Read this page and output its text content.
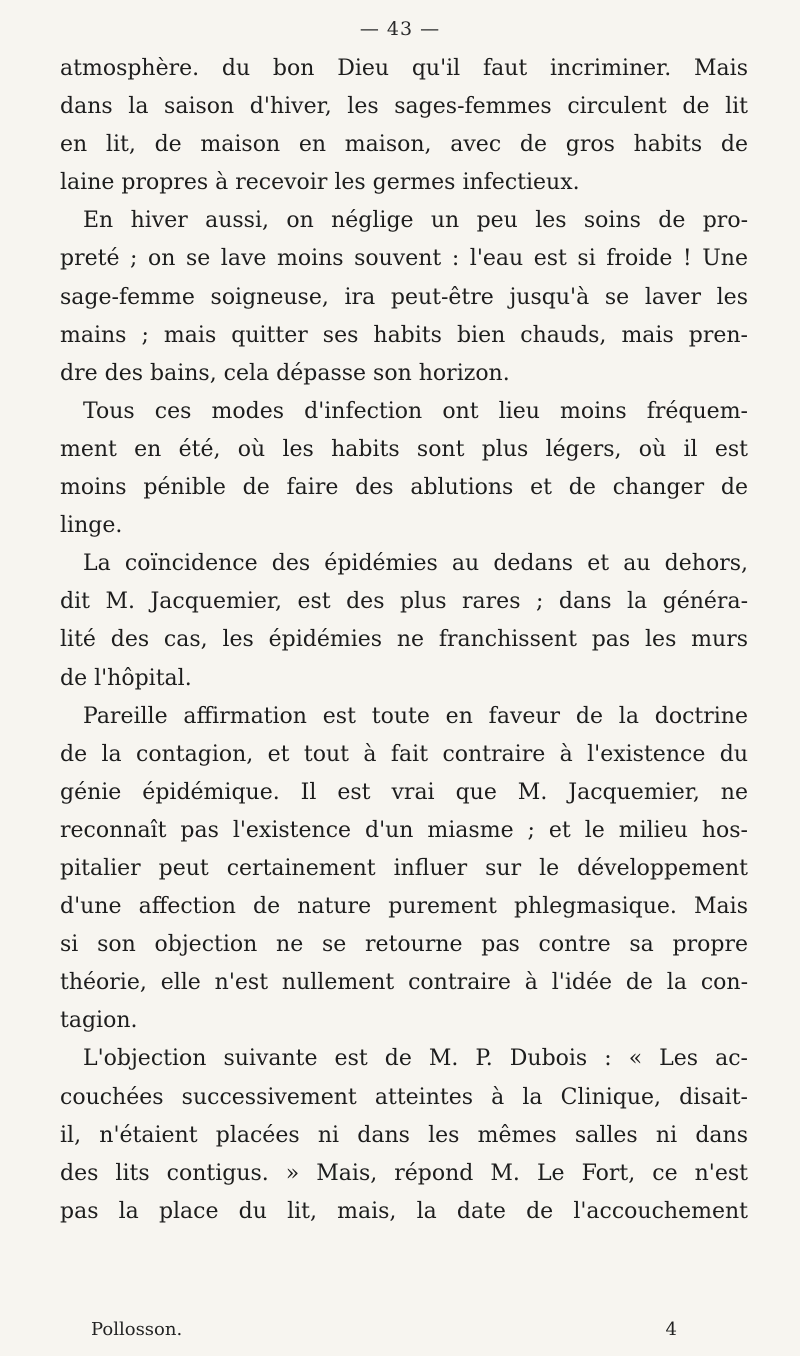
— 43 —
atmosphère. du bon Dieu qu'il faut incriminer. Mais
dans la saison d'hiver, les sages-femmes circulent de lit
en lit, de maison en maison, avec de gros habits de
laine propres à recevoir les germes infectieux.
En hiver aussi, on néglige un peu les soins de pro-
preté ; on se lave moins souvent : l'eau est si froide ! Une
sage-femme soigneuse, ira peut-être jusqu'à se laver les
mains ; mais quitter ses habits bien chauds, mais pren-
dre des bains, cela dépasse son horizon.
Tous ces modes d'infection ont lieu moins fréquem-
ment en été, où les habits sont plus légers, où il est
moins pénible de faire des ablutions et de changer de
linge.
La coïncidence des épidémies au dedans et au dehors,
dit M. Jacquemier, est des plus rares ; dans la généra-
lité des cas, les épidémies ne franchissent pas les murs
de l'hôpital.
Pareille affirmation est toute en faveur de la doctrine
de la contagion, et tout à fait contraire à l'existence du
génie épidémique. Il est vrai que M. Jacquemier, ne
reconnaît pas l'existence d'un miasme ; et le milieu hos-
pitalier peut certainement influer sur le développement
d'une affection de nature purement phlegmasique. Mais
si son objection ne se retourne pas contre sa propre
théorie, elle n'est nullement contraire à l'idée de la con-
tagion.
L'objection suivante est de M. P. Dubois : « Les ac-
couchées successivement atteintes à la Clinique, disait-
il, n'étaient placées ni dans les mêmes salles ni dans
des lits contigus. » Mais, répond M. Le Fort, ce n'est
pas la place du lit, mais, la date de l'accouchement
Pollosson.	4
